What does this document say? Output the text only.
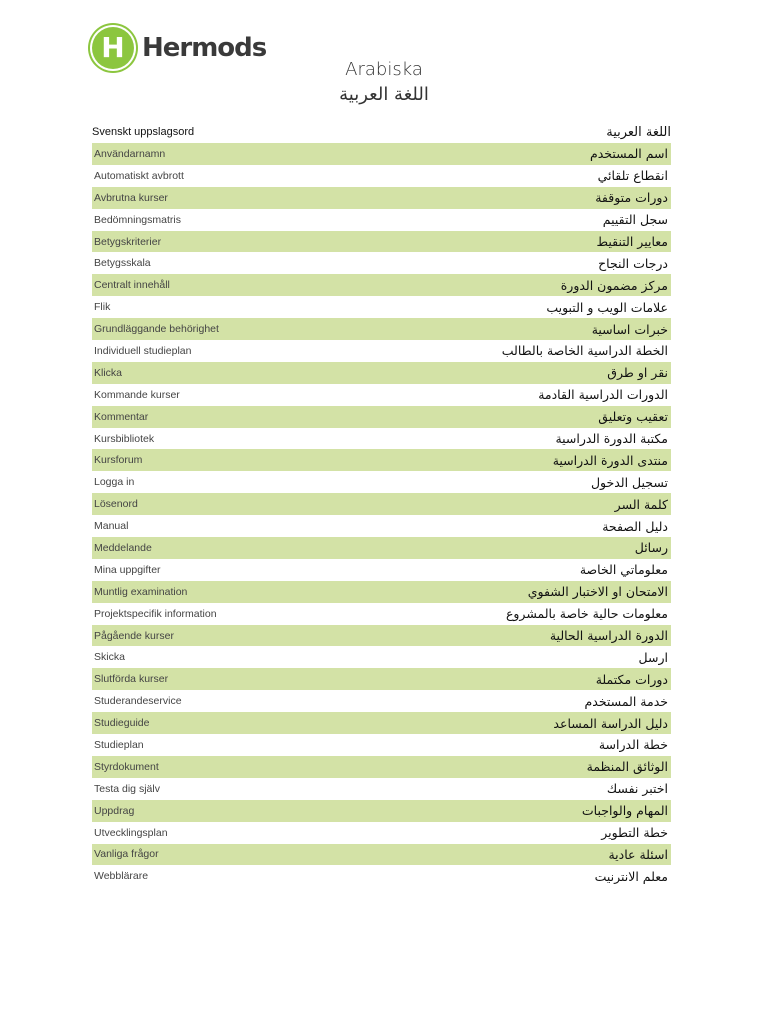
H Hermods
Arabiska
اللغة العربية
Svenskt uppslagsord	اللغة العربية
Användarnamn	اسم المستخدم
Automatiskt avbrott	انقطاع تلقائي
Avbrutna kurser	دورات متوقفة
Bedömningsmatris	سجل التقييم
Betygskriterier	معايير التنقيط
Betygsskala	درجات النجاح
Centralt innehåll	مركز مضمون الدورة
Flik	علامات الويب و التبويب
Grundläggande behörighet	خبرات اساسية
Individuell studieplan	الخطة الدراسية الخاصة بالطالب
Klicka	نقر او طرق
Kommande kurser	الدورات الدراسية القادمة
Kommentar	تعقيب وتعليق
Kursbibliotek	مكتبة الدورة الدراسية
Kursforum	منتدى الدورة الدراسية
Logga in	تسجيل الدخول
Lösenord	كلمة السر
Manual	دليل الصفحة
Meddelande	رسائل
Mina uppgifter	معلوماتي الخاصة
Muntlig examination	الامتحان او الاختبار الشفوي
Projektspecifik information	معلومات حالية خاصة بالمشروع
Pågående kurser	الدورة الدراسية الحالية
Skicka	ارسل
Slutförda kurser	دورات مكتملة
Studerandeservice	خدمة المستخدم
Studieguide	دليل الدراسة المساعد
Studieplan	خطة الدراسة
Styrdokument	الوثائق المنظمة
Testa dig själv	اختبر نفسك
Uppdrag	المهام والواجبات
Utvecklingsplan	خطة التطوير
Vanliga frågor	اسئلة عادية
Webblärare	معلم الانترنيت
